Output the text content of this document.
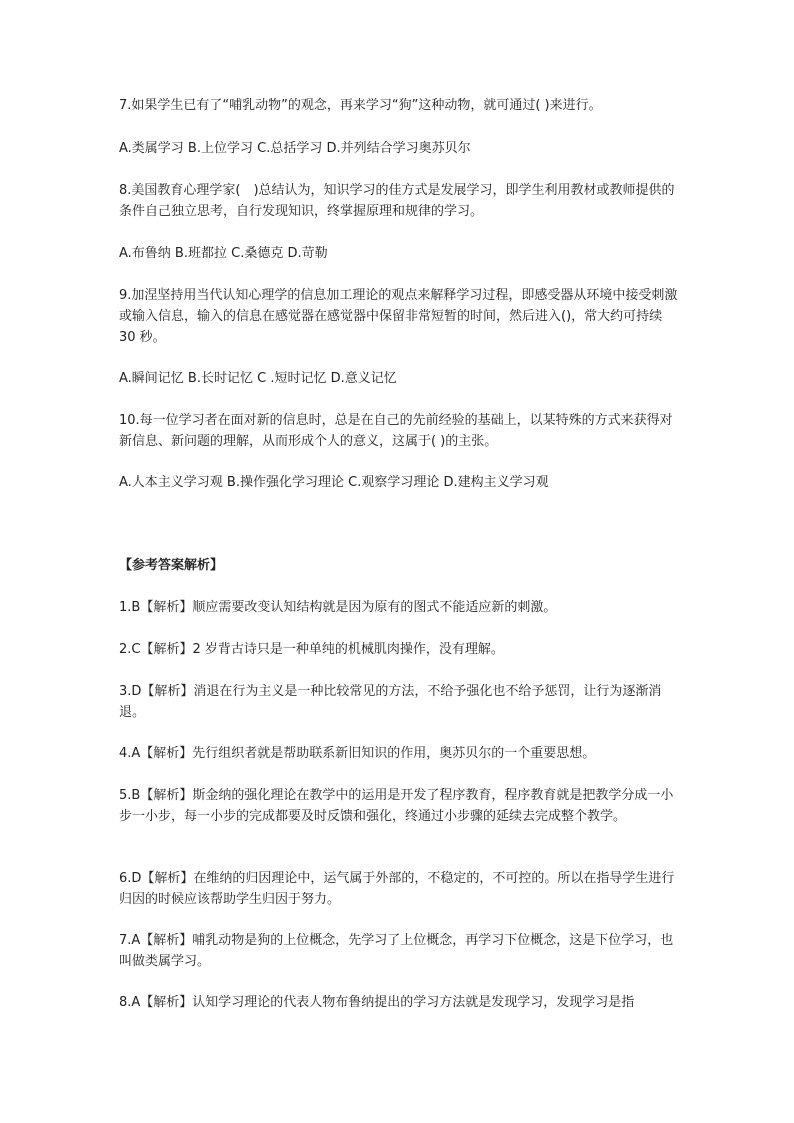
7.如果学生已有了“哺乳动物”的观念，再来学习“狗”这种动物，就可通过( )来进行。

A.类属学习 B.上位学习 C.总括学习 D.并列结合学习奥苏贝尔

8.美国教育心理学家(　)总结认为，知识学习的佳方式是发展学习，即学生利用教材或教师提供的条件自己独立思考，自行发现知识，终掌握原理和规律的学习。

A.布鲁纳 B.班都拉 C.桑德克 D.苛勒

9.加涅坚持用当代认知心理学的信息加工理论的观点来解释学习过程，即感受器从环境中接受刺激或输入信息，输入的信息在感觉器在感觉器中保留非常短暂的时间，然后进入()，常大约可持续 30 秒。

A.瞬间记忆 B.长时记忆 C .短时记忆 D.意义记忆

10.每一位学习者在面对新的信息时，总是在自己的先前经验的基础上，以某特殊的方式来获得对新信息、新问题的理解，从而形成个人的意义，这属于( )的主张。

A.人本主义学习观 B.操作强化学习理论 C.观察学习理论 D.建构主义学习观

【参考答案解析】

1.B【解析】顺应需要改变认知结构就是因为原有的图式不能适应新的刺激。

2.C【解析】2 岁背古诗只是一种单纯的机械肌肉操作，没有理解。

3.D【解析】消退在行为主义是一种比较常见的方法，不给予强化也不给予惩罚，让行为逐渐消退。

4.A【解析】先行组织者就是帮助联系新旧知识的作用，奥苏贝尔的一个重要思想。

5.B【解析】斯金纳的强化理论在教学中的运用是开发了程序教育，程序教育就是把教学分成一小步一小步，每一小步的完成都要及时反馈和强化，终通过小步骤的延续去完成整个教学。

6.D【解析】在维纳的归因理论中，运气属于外部的，不稳定的，不可控的。所以在指导学生进行归因的时候应该帮助学生归因于努力。

7.A【解析】哺乳动物是狗的上位概念，先学习了上位概念，再学习下位概念，这是下位学习，也叫做类属学习。

8.A【解析】认知学习理论的代表人物布鲁纳提出的学习方法就是发现学习，发现学习是指
